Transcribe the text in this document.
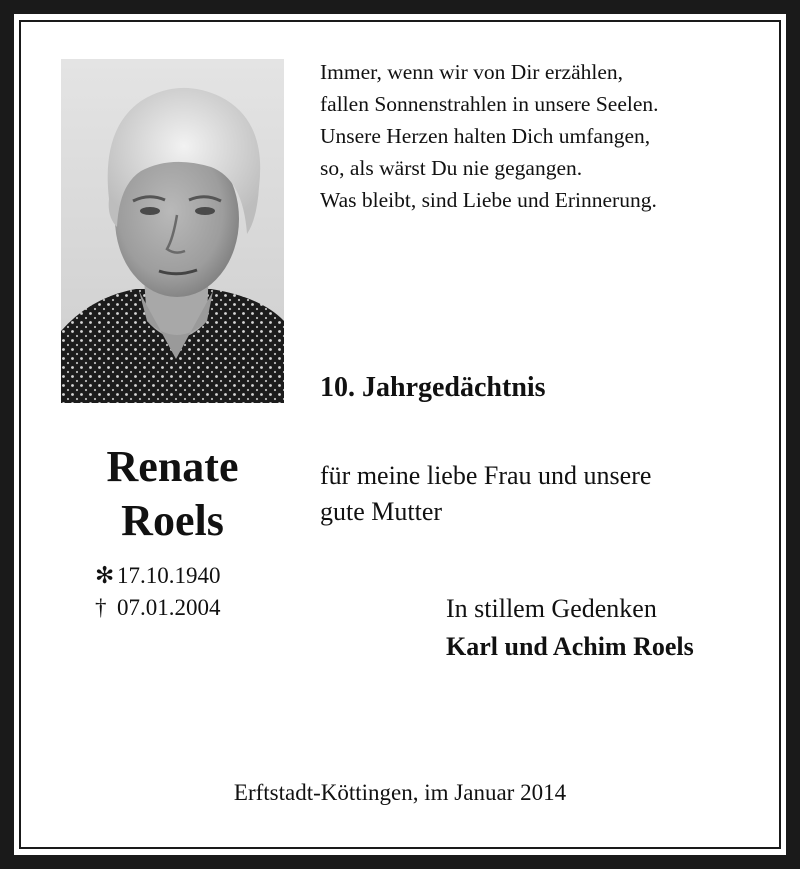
Immer, wenn wir von Dir erzählen,
fallen Sonnenstrahlen in unsere Seelen.
Unsere Herzen halten Dich umfangen,
so, als wärst Du nie gegangen.
Was bleibt, sind Liebe und Erinnerung.
10. Jahrgedächtnis
für meine liebe Frau und unsere
gute Mutter
Renate
Roels
✻ 17.10.1940
† 07.01.2004	In stillem Gedenken
Karl und Achim Roels
Erftstadt-Köttingen, im Januar 2014
